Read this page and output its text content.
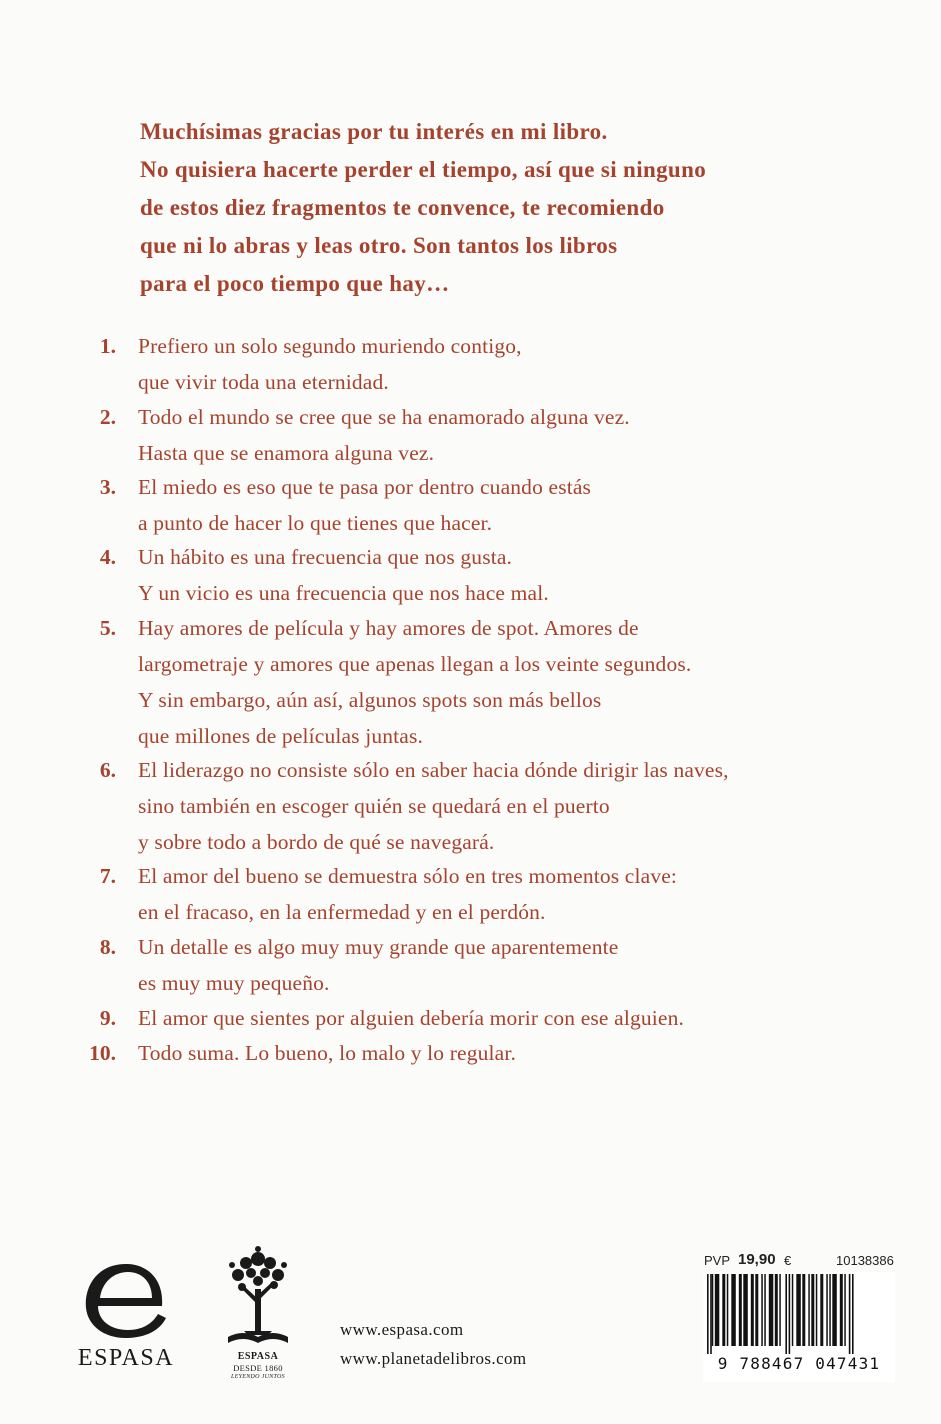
Muchísimas gracias por tu interés en mi libro.
No quisiera hacerte perder el tiempo, así que si ninguno
de estos diez fragmentos te convence, te recomiendo
que ni lo abras y leas otro. Son tantos los libros
para el poco tiempo que hay…
1. Prefiero un solo segundo muriendo contigo,
que vivir toda una eternidad.
2. Todo el mundo se cree que se ha enamorado alguna vez.
Hasta que se enamora alguna vez.
3. El miedo es eso que te pasa por dentro cuando estás
a punto de hacer lo que tienes que hacer.
4. Un hábito es una frecuencia que nos gusta.
Y un vicio es una frecuencia que nos hace mal.
5. Hay amores de película y hay amores de spot. Amores de
largometraje y amores que apenas llegan a los veinte segundos.
Y sin embargo, aún así, algunos spots son más bellos
que millones de películas juntas.
6. El liderazgo no consiste sólo en saber hacia dónde dirigir las naves,
sino también en escoger quién se quedará en el puerto
y sobre todo a bordo de qué se navegará.
7. El amor del bueno se demuestra sólo en tres momentos clave:
en el fracaso, en la enfermedad y en el perdón.
8. Un detalle es algo muy muy grande que aparentemente
es muy muy pequeño.
9. El amor que sientes por alguien debería morir con ese alguien.
10. Todo suma. Lo bueno, lo malo y lo regular.
ESPASA	ESPASA
DESDE 1860
LEYENDO JUNTOS
www.espasa.com
www.planetadelibros.com
PVP 19,90 €	10138386
9 788467 047431
